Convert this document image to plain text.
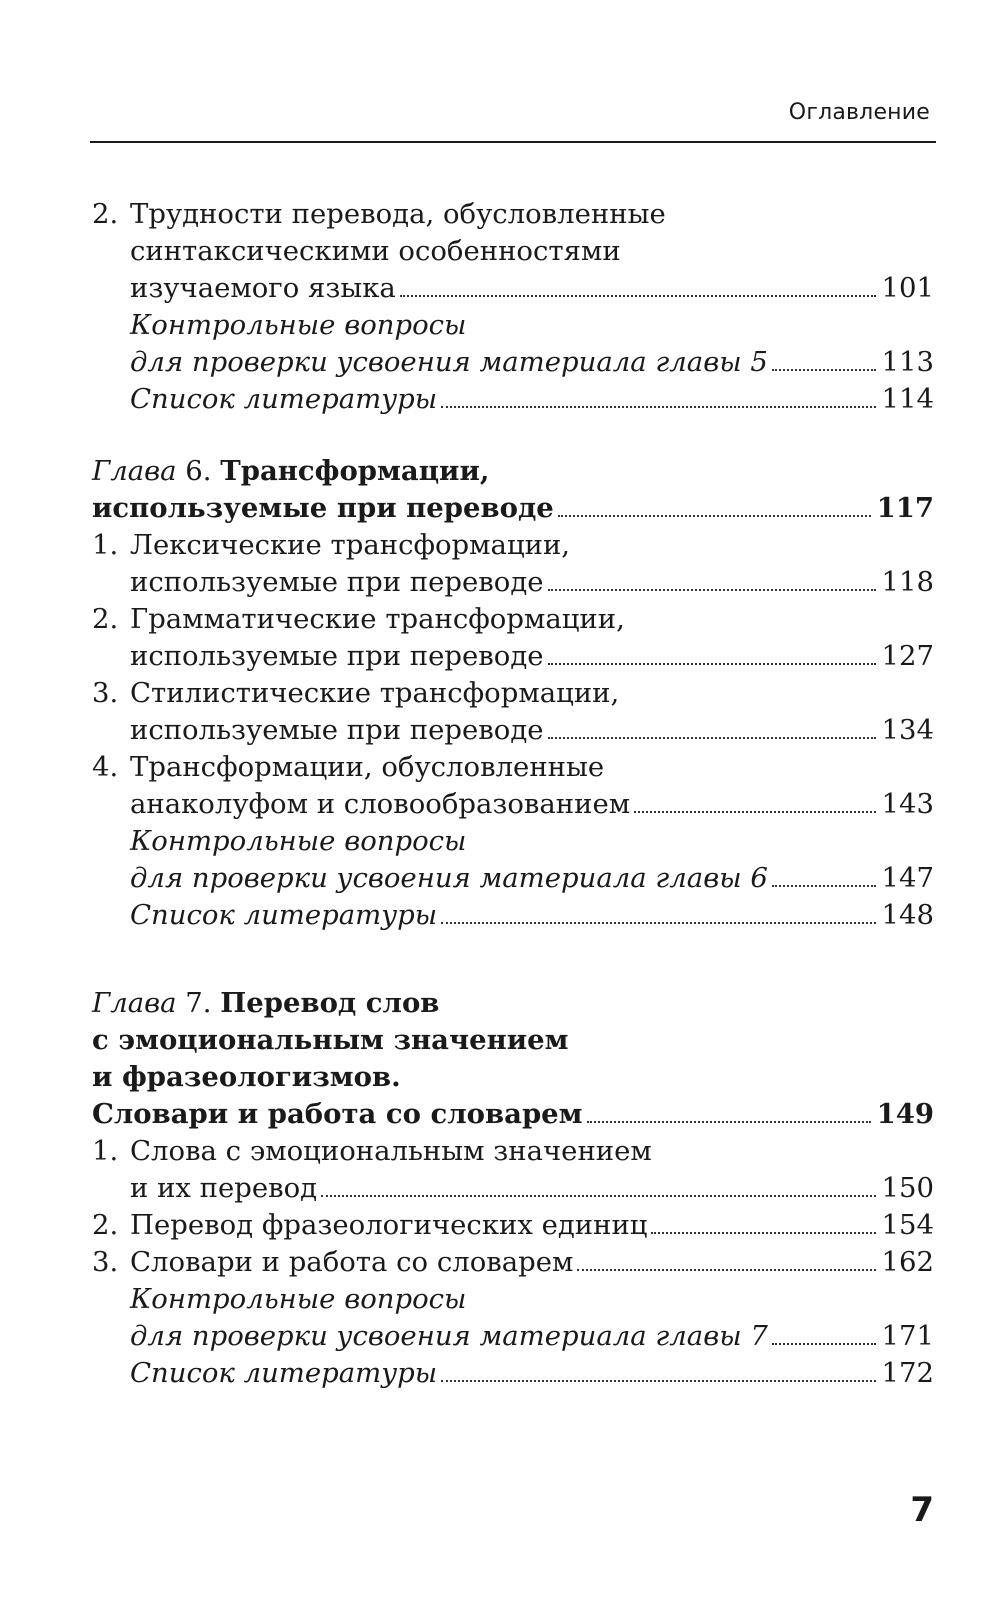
Оглавление
2. Трудности перевода, обусловленные
синтаксическими особенностями
изучаемого языка	101
Контрольные вопросы
для проверки усвоения материала главы 5	113
Список литературы	114
Глава 6. Трансформации,
используемые при переводе	117
1. Лексические трансформации,
используемые при переводе	118
2. Грамматические трансформации,
используемые при переводе	127
3. Стилистические трансформации,
используемые при переводе	134
4. Трансформации, обусловленные
анаколуфом и словообразованием	143
Контрольные вопросы
для проверки усвоения материала главы 6	147
Список литературы	148
Глава 7. Перевод слов
с эмоциональным значением
и фразеологизмов.
Словари и работа со словарем	149
1. Слова с эмоциональным значением
и их перевод	150
2. Перевод фразеологических единиц	154
3. Словари и работа со словарем	162
Контрольные вопросы
для проверки усвоения материала главы 7	171
Список литературы	172
7
